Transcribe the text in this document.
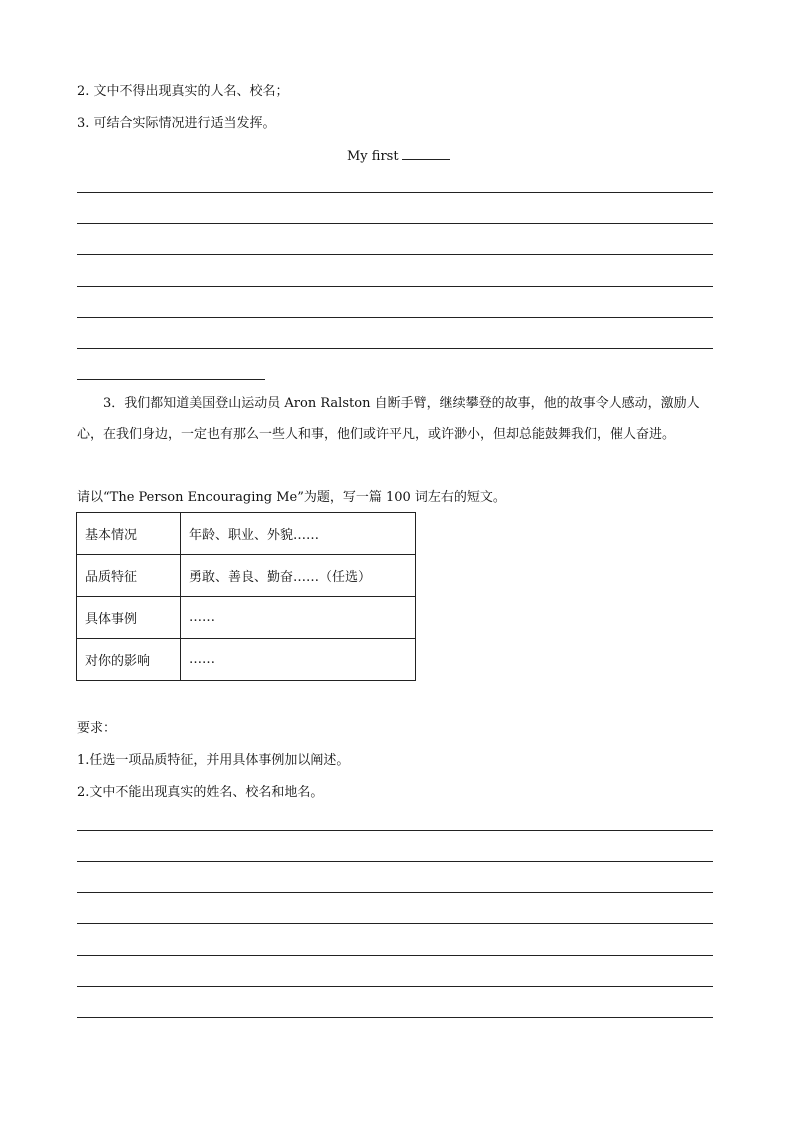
2. 文中不得出现真实的人名、校名；
3. 可结合实际情况进行适当发挥。
My first
3．我们都知道美国登山运动员 Aron Ralston 自断手臂，继续攀登的故事，他的故事令人感动，激励人心，在我们身边，一定也有那么一些人和事，他们或许平凡，或许渺小，但却总能鼓舞我们，催人奋进。
请以“The Person Encouraging Me”为题，写一篇 100 词左右的短文。
基本情况	年龄、职业、外貌……
品质特征	勇敢、善良、勤奋……（任选）
具体事例	……
对你的影响	……
要求：
1.任选一项品质特征，并用具体事例加以阐述。
2.文中不能出现真实的姓名、校名和地名。
